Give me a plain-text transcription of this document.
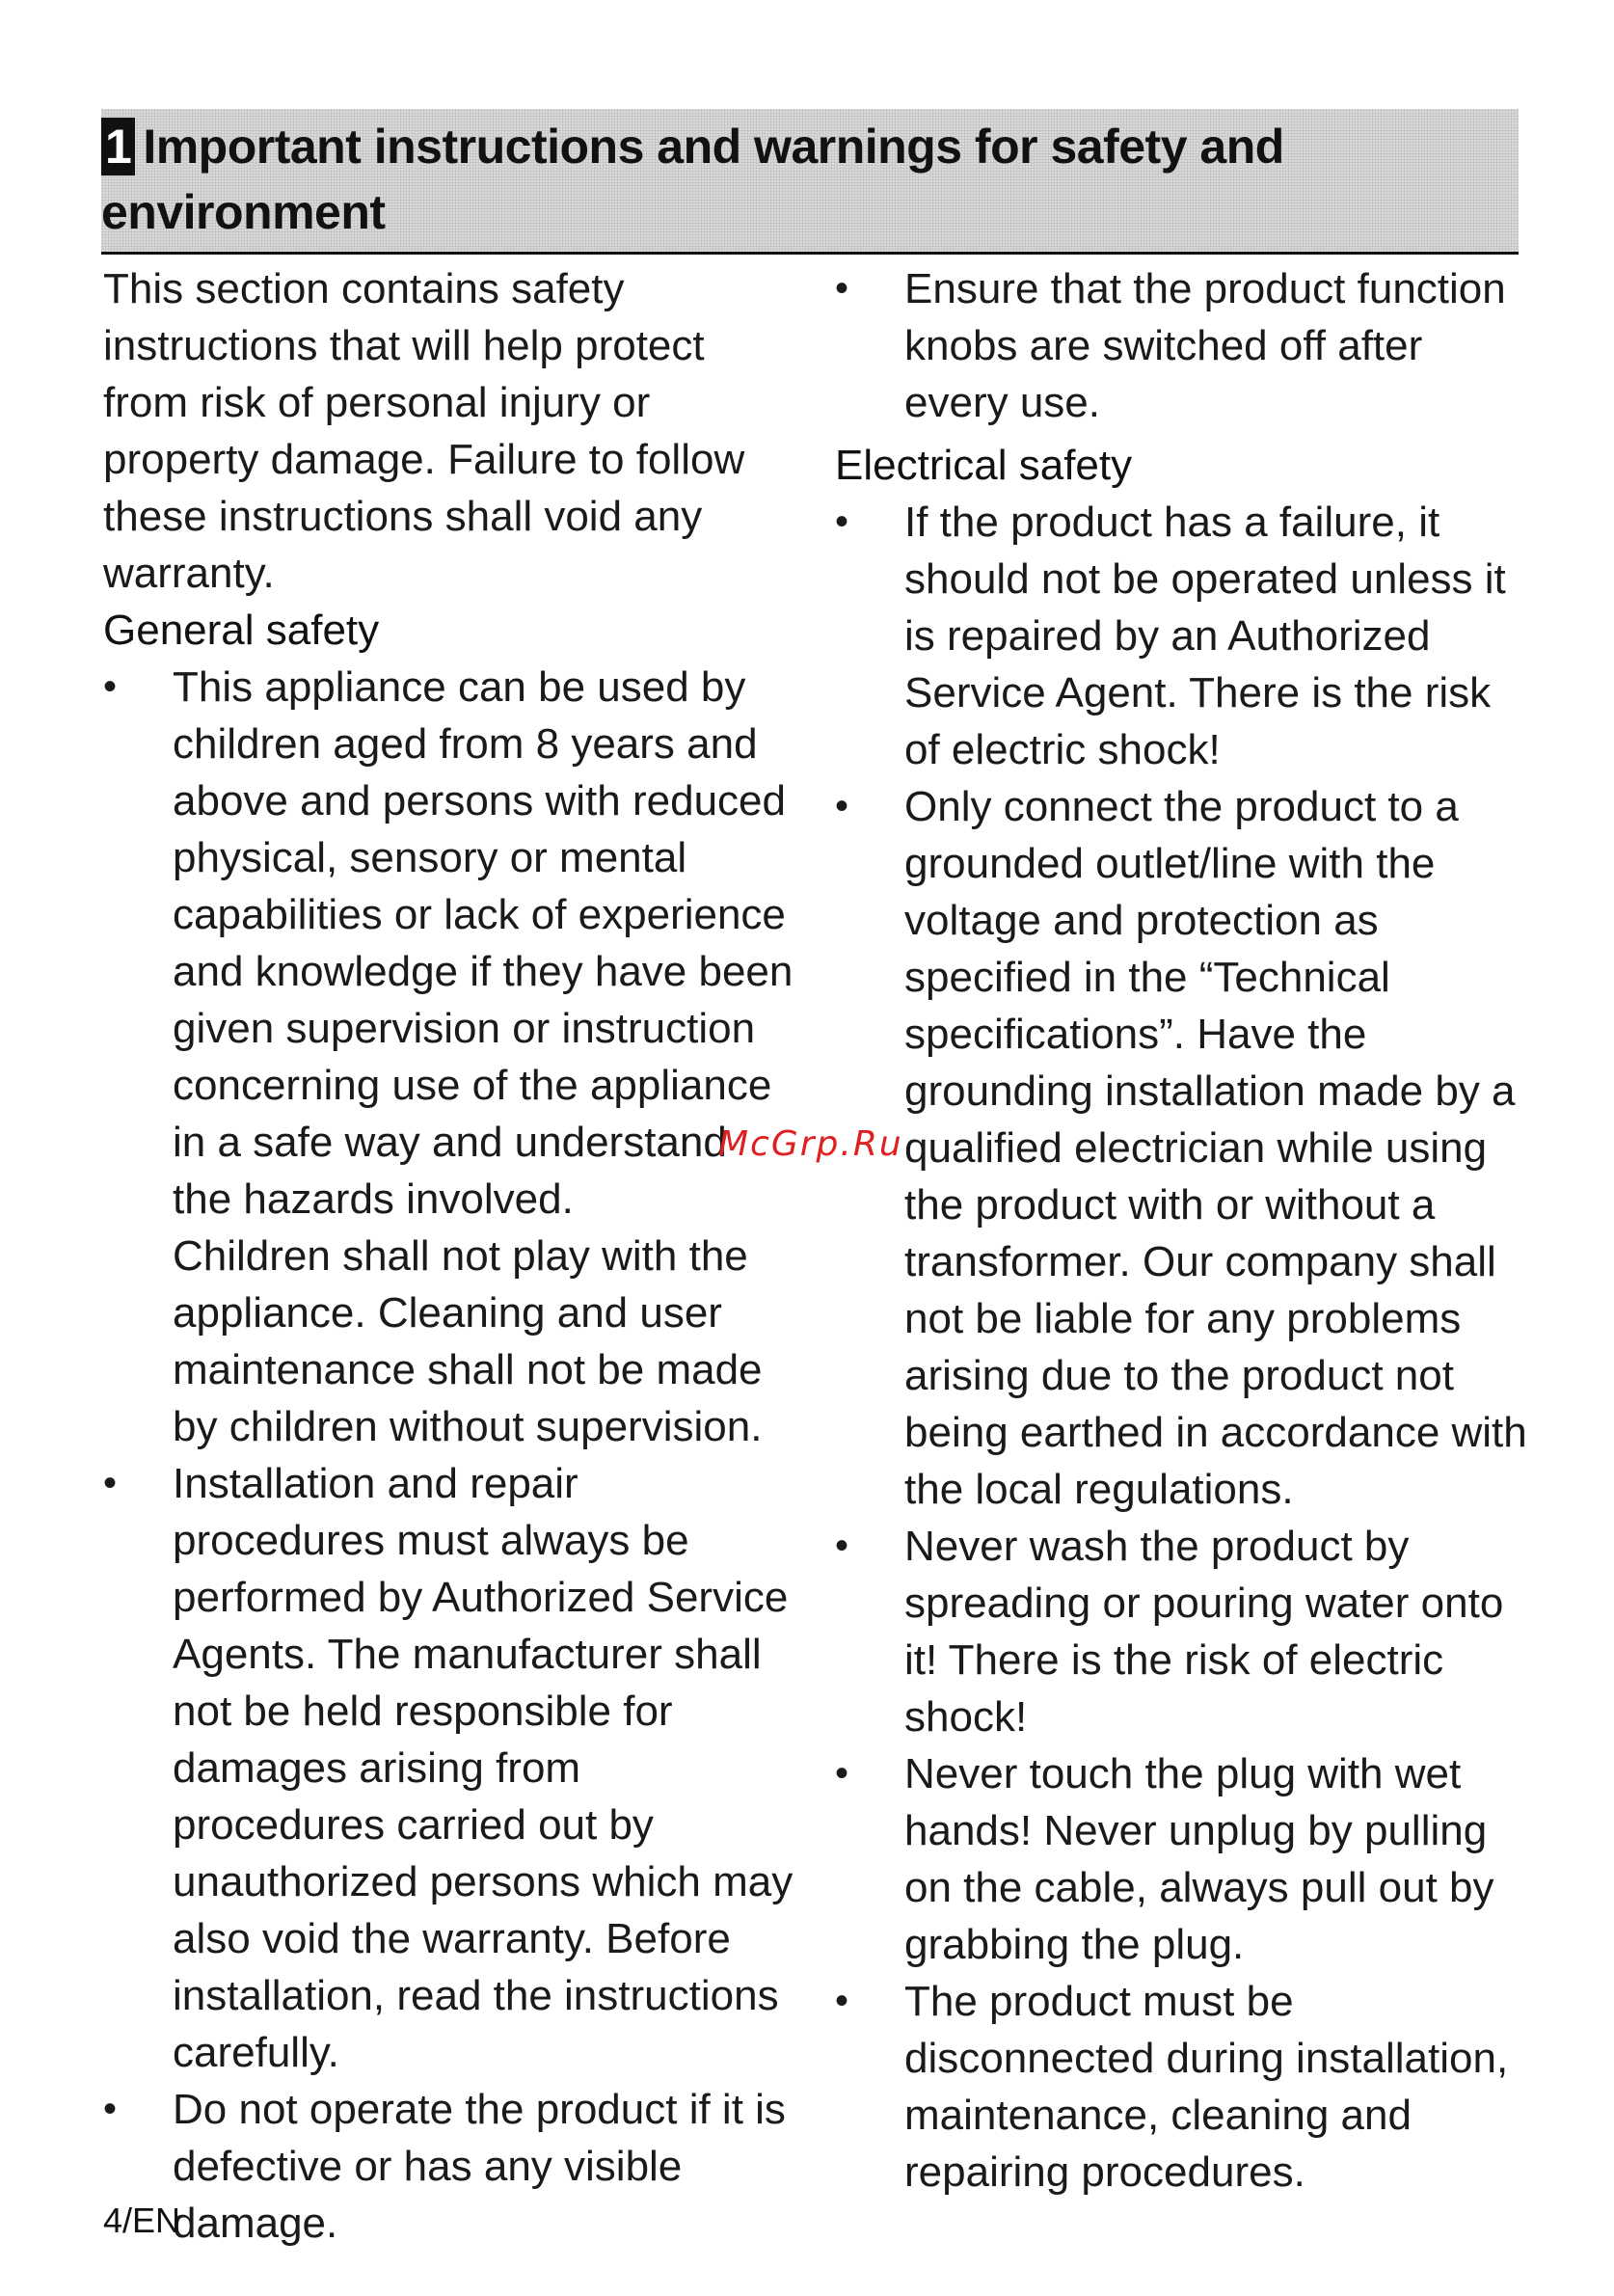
1 Important instructions and warnings for safety and environment

This section contains safety instructions that will help protect from risk of personal injury or property damage. Failure to follow these instructions shall void any warranty.

General safety
•	This appliance can be used by children aged from 8 years and above and persons with reduced physical, sensory or mental capabilities or lack of experience and knowledge if they have been given supervision or instruction concerning use of the appliance in a safe way and understand the hazards involved.
Children shall not play with the appliance. Cleaning and user maintenance shall not be made by children without supervision.
•	Installation and repair procedures must always be performed by Authorized Service Agents. The manufacturer shall not be held responsible for damages arising from procedures carried out by unauthorized persons which may also void the warranty. Before installation, read the instructions carefully.
•	Do not operate the product if it is defective or has any visible damage.
•	Ensure that the product function knobs are switched off after every use.
Electrical safety
•	If the product has a failure, it should not be operated unless it is repaired by an Authorized Service Agent. There is the risk of electric shock!
•	Only connect the product to a grounded outlet/line with the voltage and protection as specified in the “Technical specifications”. Have the grounding installation made by a qualified electrician while using the product with or without a transformer. Our company shall not be liable for any problems arising due to the product not being earthed in accordance with the local regulations.
•	Never wash the product by spreading or pouring water onto it! There is the risk of electric shock!
•	Never touch the plug with wet hands! Never unplug by pulling on the cable, always pull out by grabbing the plug.
•	The product must be disconnected during installation, maintenance, cleaning and repairing procedures.
McGrp.Ru
4/EN
